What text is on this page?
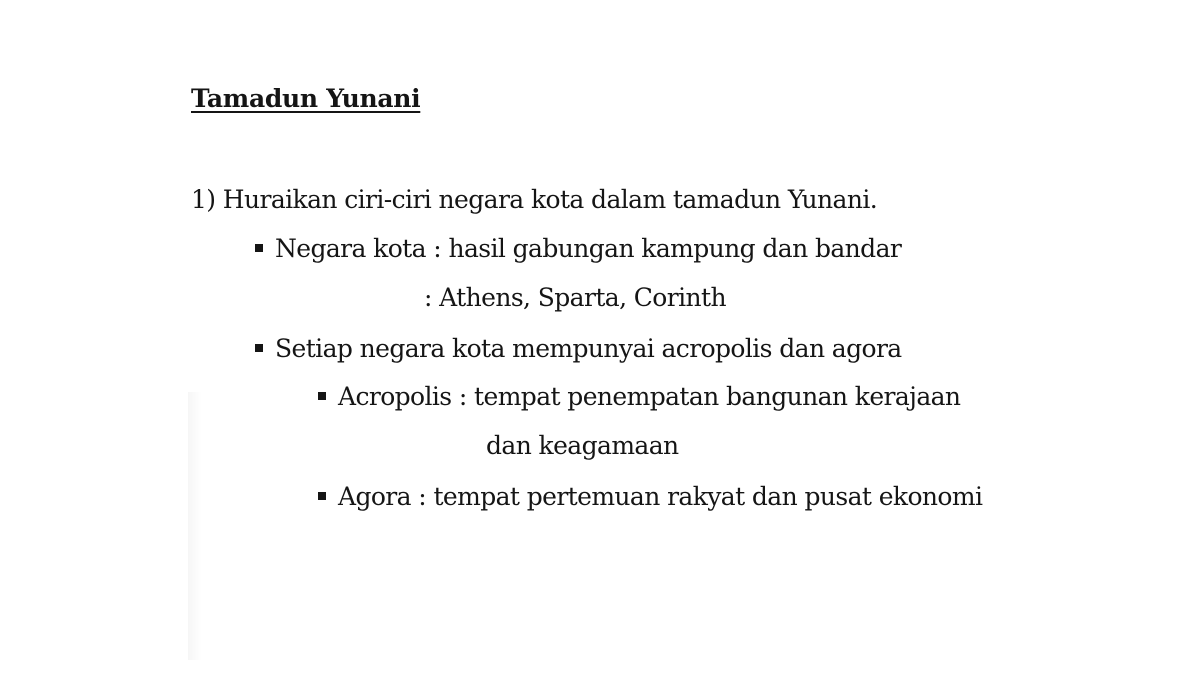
Tamadun Yunani
1) Huraikan ciri-ciri negara kota dalam tamadun Yunani.
Negara kota : hasil gabungan kampung dan bandar
: Athens, Sparta, Corinth
Setiap negara kota mempunyai acropolis dan agora
Acropolis : tempat penempatan bangunan kerajaan
dan keagamaan
Agora : tempat pertemuan rakyat dan pusat ekonomi
